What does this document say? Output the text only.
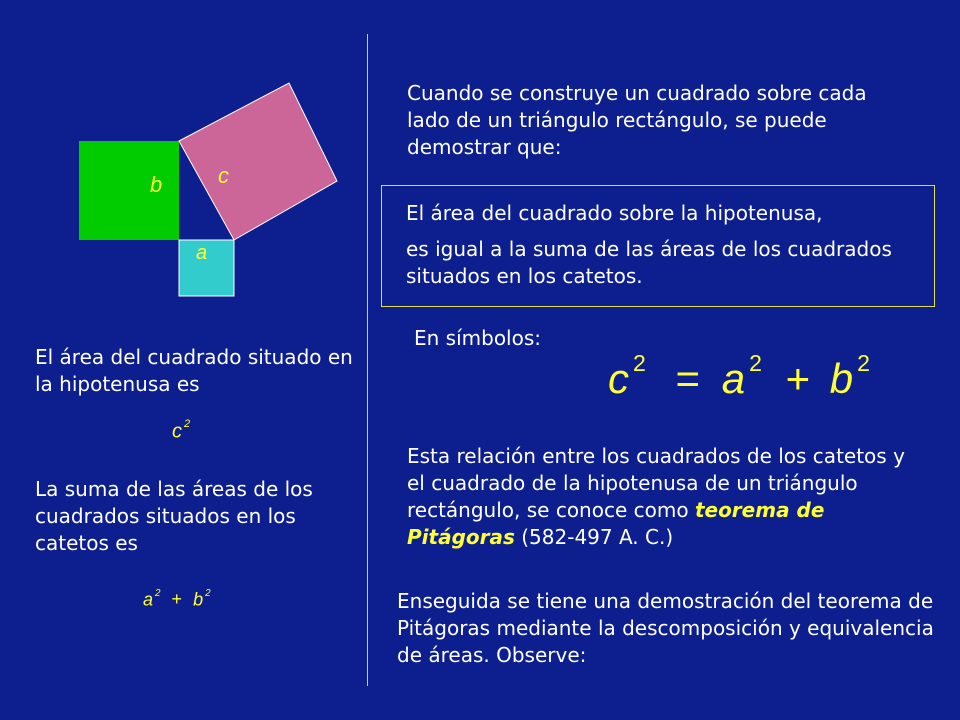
b	c
a
El área del cuadrado situado en la hipotenusa es
c $^2$
La suma de las áreas de los cuadrados situados en los catetos es
a $^2$ + b $^2$
Cuando se construye un cuadrado sobre cada lado de un triángulo rectángulo, se puede demostrar que:
El área del cuadrado sobre la hipotenusa,
es igual a la suma de las áreas de los cuadrados situados en los catetos.
En símbolos:
c $^2$ = a $^2$ + b $^2$
Esta relación entre los cuadrados de los catetos y el cuadrado de la hipotenusa de un triángulo rectángulo, se conoce como teorema de Pitágoras (582-497 A. C.)
Enseguida se tiene una demostración del teorema de Pitágoras mediante la descomposición y equivalencia de áreas. Observe:
